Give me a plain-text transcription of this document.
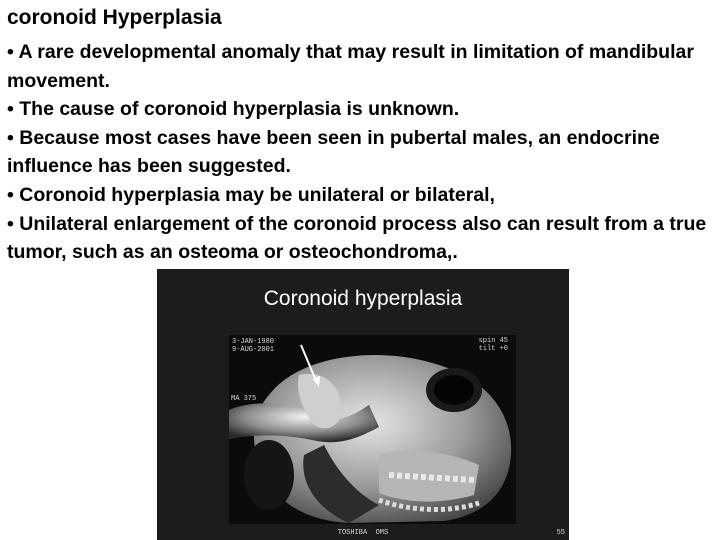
coronoid Hyperplasia

• A rare developmental anomaly that may result in limitation of mandibular movement.

• The cause of coronoid hyperplasia is unknown.

• Because most cases have been seen in pubertal males, an endocrine influence has been suggested.

• Coronoid hyperplasia may be unilateral or bilateral,

• Unilateral enlargement of the coronoid process also can result from a true tumor, such as an osteoma or osteochondroma,.

Coronoid hyperplasia
3-JAN-1980
9-AUG-2001
MA 375
spin 45
tilt +0
TOSHIBA  OMS	55
